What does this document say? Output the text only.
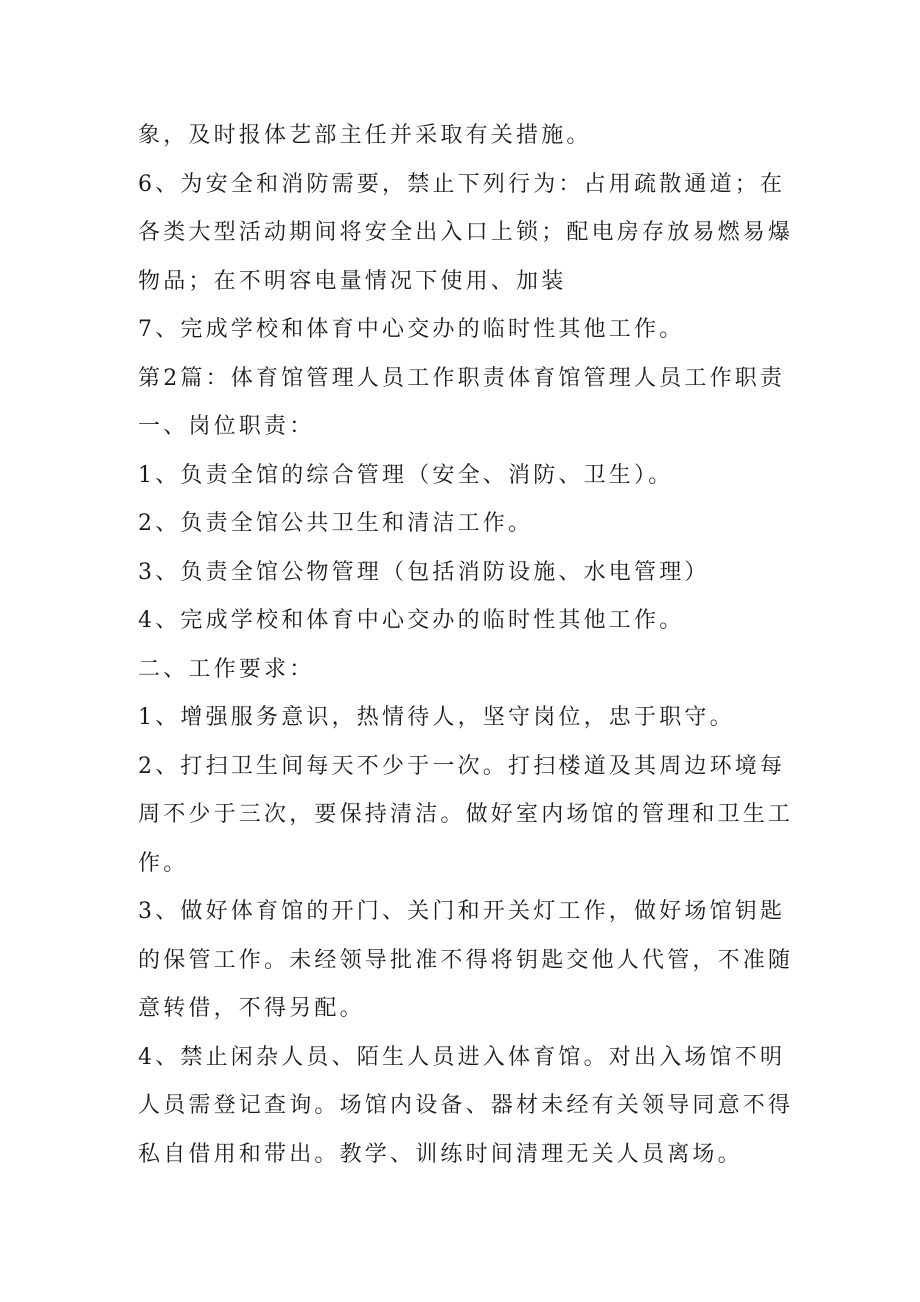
象，及时报体艺部主任并采取有关措施。
6、为安全和消防需要，禁止下列行为：占用疏散通道；在
各类大型活动期间将安全出入口上锁；配电房存放易燃易爆
物品；在不明容电量情况下使用、加装
7、完成学校和体育中心交办的临时性其他工作。
第2篇：体育馆管理人员工作职责体育馆管理人员工作职责
一、岗位职责：
1、负责全馆的综合管理（安全、消防、卫生）。
2、负责全馆公共卫生和清洁工作。
3、负责全馆公物管理（包括消防设施、水电管理）
4、完成学校和体育中心交办的临时性其他工作。
二、工作要求：
1、增强服务意识，热情待人，坚守岗位，忠于职守。
2、打扫卫生间每天不少于一次。打扫楼道及其周边环境每
周不少于三次，要保持清洁。做好室内场馆的管理和卫生工
作。
3、做好体育馆的开门、关门和开关灯工作，做好场馆钥匙
的保管工作。未经领导批准不得将钥匙交他人代管，不准随
意转借，不得另配。
4、禁止闲杂人员、陌生人员进入体育馆。对出入场馆不明
人员需登记查询。场馆内设备、器材未经有关领导同意不得
私自借用和带出。教学、训练时间清理无关人员离场。
